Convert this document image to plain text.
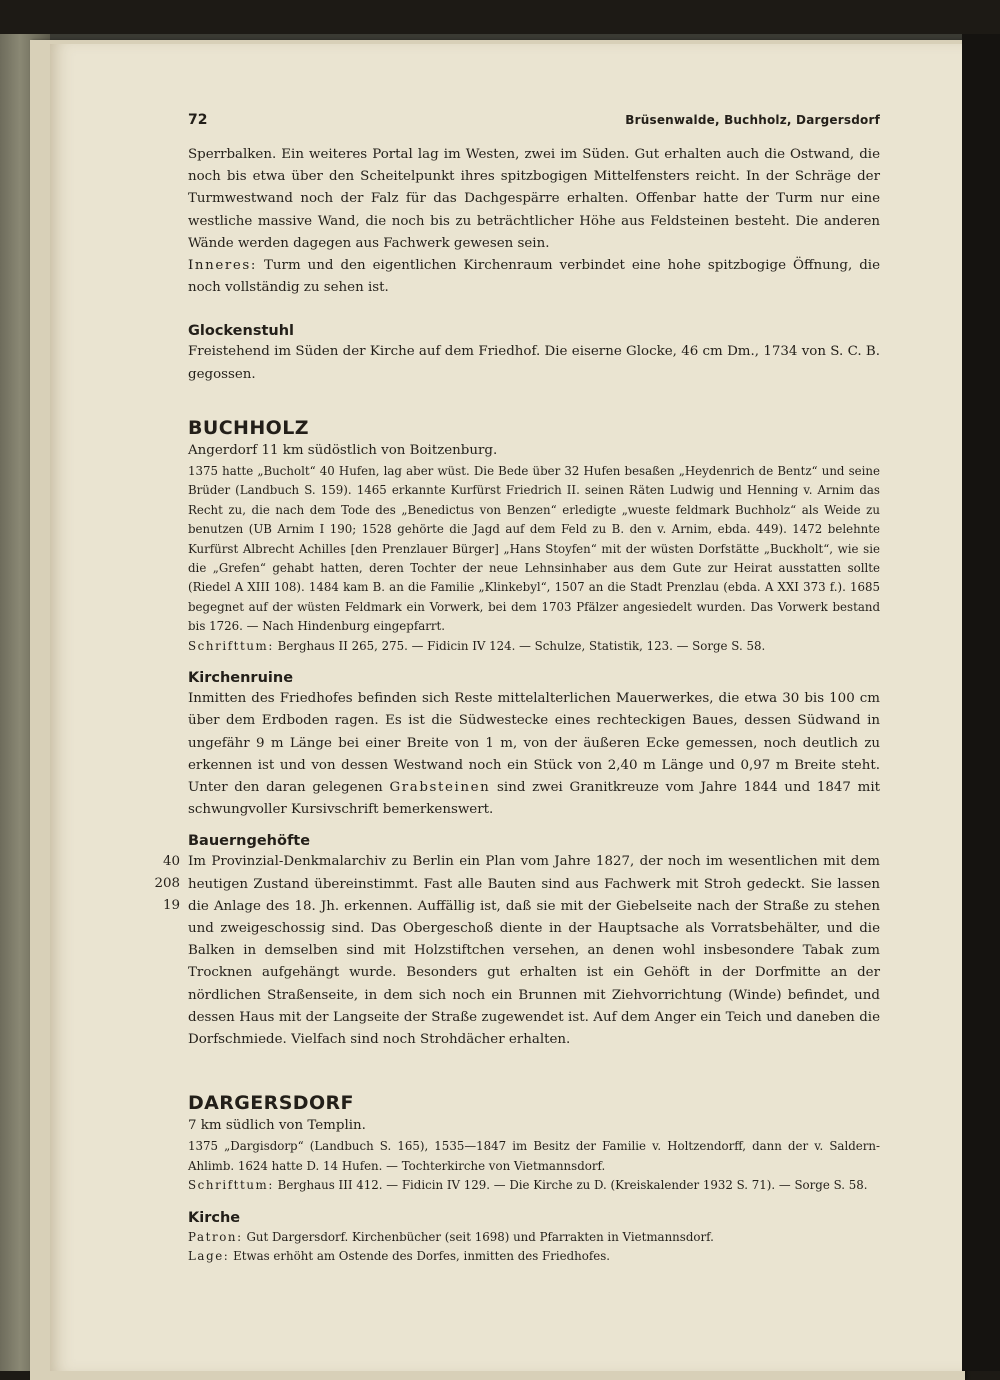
72	Brüsenwalde, Buchholz, Dargersdorf

Sperrbalken. Ein weiteres Portal lag im Westen, zwei im Süden. Gut erhalten auch die Ostwand, die noch bis etwa über den Scheitelpunkt ihres spitzbogigen Mittelfensters reicht. In der Schräge der Turmwestwand noch der Falz für das Dachgespärre erhalten. Offenbar hatte der Turm nur eine westliche massive Wand, die noch bis zu beträchtlicher Höhe aus Feldsteinen besteht. Die anderen Wände werden dagegen aus Fachwerk gewesen sein.

Inneres: Turm und den eigentlichen Kirchenraum verbindet eine hohe spitzbogige Öffnung, die noch vollständig zu sehen ist.

Glockenstuhl

Freistehend im Süden der Kirche auf dem Friedhof. Die eiserne Glocke, 46 cm Dm., 1734 von S. C. B. gegossen.

BUCHHOLZ

Angerdorf 11 km südöstlich von Boitzenburg.

1375 hatte „Bucholt“ 40 Hufen, lag aber wüst. Die Bede über 32 Hufen besaßen „Heydenrich de Bentz“ und seine Brüder (Landbuch S. 159). 1465 erkannte Kurfürst Friedrich II. seinen Räten Ludwig und Henning v. Arnim das Recht zu, die nach dem Tode des „Benedictus von Benzen“ erledigte „wueste feldmark Buchholz“ als Weide zu benutzen (UB Arnim I 190; 1528 gehörte die Jagd auf dem Feld zu B. den v. Arnim, ebda. 449). 1472 belehnte Kurfürst Albrecht Achilles [den Prenzlauer Bürger] „Hans Stoyfen“ mit der wüsten Dorfstätte „Buckholt“, wie sie die „Grefen“ gehabt hatten, deren Tochter der neue Lehnsinhaber aus dem Gute zur Heirat ausstatten sollte (Riedel A XIII 108). 1484 kam B. an die Familie „Klinkebyl“, 1507 an die Stadt Prenzlau (ebda. A XXI 373 f.). 1685 begegnet auf der wüsten Feldmark ein Vorwerk, bei dem 1703 Pfälzer angesiedelt wurden. Das Vorwerk bestand bis 1726. — Nach Hindenburg eingepfarrt.

Schrifttum: Berghaus II 265, 275. — Fidicin IV 124. — Schulze, Statistik, 123. — Sorge S. 58.

Kirchenruine

Inmitten des Friedhofes befinden sich Reste mittelalterlichen Mauerwerkes, die etwa 30 bis 100 cm über dem Erdboden ragen. Es ist die Südwestecke eines rechteckigen Baues, dessen Südwand in ungefähr 9 m Länge bei einer Breite von 1 m, von der äußeren Ecke gemessen, noch deutlich zu erkennen ist und von dessen Westwand noch ein Stück von 2,40 m Länge und 0,97 m Breite steht. Unter den daran gelegenen Grabsteinen sind zwei Granitkreuze vom Jahre 1844 und 1847 mit schwungvoller Kursivschrift bemerkenswert.

Bauerngehöfte
40
208
19

Im Provinzial-Denkmalarchiv zu Berlin ein Plan vom Jahre 1827, der noch im wesentlichen mit dem heutigen Zustand übereinstimmt. Fast alle Bauten sind aus Fachwerk mit Stroh gedeckt. Sie lassen die Anlage des 18. Jh. erkennen. Auffällig ist, daß sie mit der Giebelseite nach der Straße zu stehen und zweigeschossig sind. Das Obergeschoß diente in der Hauptsache als Vorratsbehälter, und die Balken in demselben sind mit Holzstiftchen versehen, an denen wohl insbesondere Tabak zum Trocknen aufgehängt wurde. Besonders gut erhalten ist ein Gehöft in der Dorfmitte an der nördlichen Straßenseite, in dem sich noch ein Brunnen mit Ziehvorrichtung (Winde) befindet, und dessen Haus mit der Langseite der Straße zugewendet ist. Auf dem Anger ein Teich und daneben die Dorfschmiede. Vielfach sind noch Strohdächer erhalten.

DARGERSDORF

7 km südlich von Templin.

1375 „Dargisdorp“ (Landbuch S. 165), 1535—1847 im Besitz der Familie v. Holtzendorff, dann der v. Saldern-Ahlimb. 1624 hatte D. 14 Hufen. — Tochterkirche von Vietmannsdorf.

Schrifttum: Berghaus III 412. — Fidicin IV 129. — Die Kirche zu D. (Kreiskalender 1932 S. 71). — Sorge S. 58.

Kirche

Patron: Gut Dargersdorf. Kirchenbücher (seit 1698) und Pfarrakten in Vietmannsdorf.

Lage: Etwas erhöht am Ostende des Dorfes, inmitten des Friedhofes.
